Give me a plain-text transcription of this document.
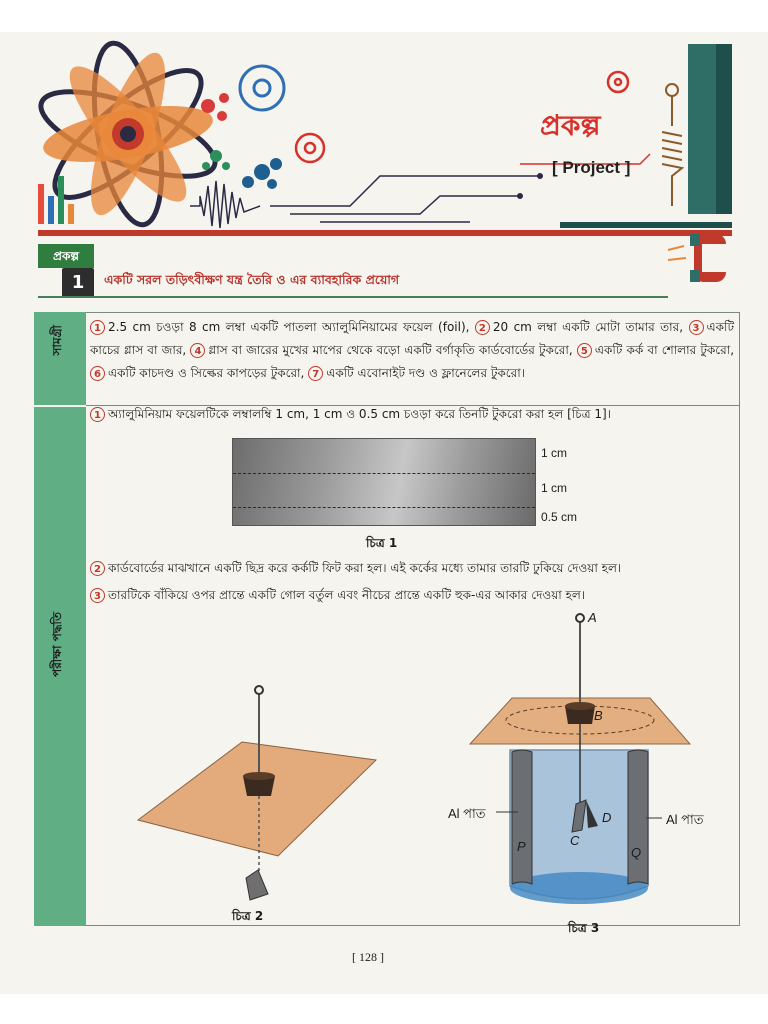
প্রকল্প
[ Project ]
প্রকল্প
1	একটি সরল তড়িৎবীক্ষণ যন্ত্র তৈরি ও এর ব্যাবহারিক প্রয়োগ
সামগ্রী
পরীক্ষা পদ্ধতি
1 2.5 cm চওড়া 8 cm লম্বা একটি পাতলা অ্যালুমিনিয়ামের ফয়েল (foil), 2 20 cm লম্বা একটি মোটা তামার তার, 3 একটি কাচের গ্লাস বা জার, 4 গ্লাস বা জারের মুখের মাপের থেকে বড়ো একটি বর্গাকৃতি কার্ডবোর্ডের টুকরো, 5 একটি কর্ক বা শোলার টুকরো, 6 একটি কাচদণ্ড ও সিল্কের কাপড়ের টুকরো, 7 একটি এবোনাইট দণ্ড ও ফ্লানেলের টুকরো।
1 অ্যালুমিনিয়াম ফয়েলটিকে লম্বালম্বি 1 cm, 1 cm ও 0.5 cm চওড়া করে তিনটি টুকরো করা হল [চিত্র 1]।
2 কার্ডবোর্ডের মাঝখানে একটি ছিদ্র করে কর্কটি ফিট করা হল। এই কর্কের মধ্যে তামার তারটি ঢুকিয়ে দেওয়া হল।
3 তারটিকে বাঁকিয়ে ওপর প্রান্তে একটি গোল বর্তুল এবং নীচের প্রান্তে একটি হুক-এর আকার দেওয়া হল।
1 cm
1 cm
0.5 cm
চিত্র 1
চিত্র 2
A
B
C
D
P	Q
Al পাত	Al পাত
চিত্র 3
[ 128 ]
